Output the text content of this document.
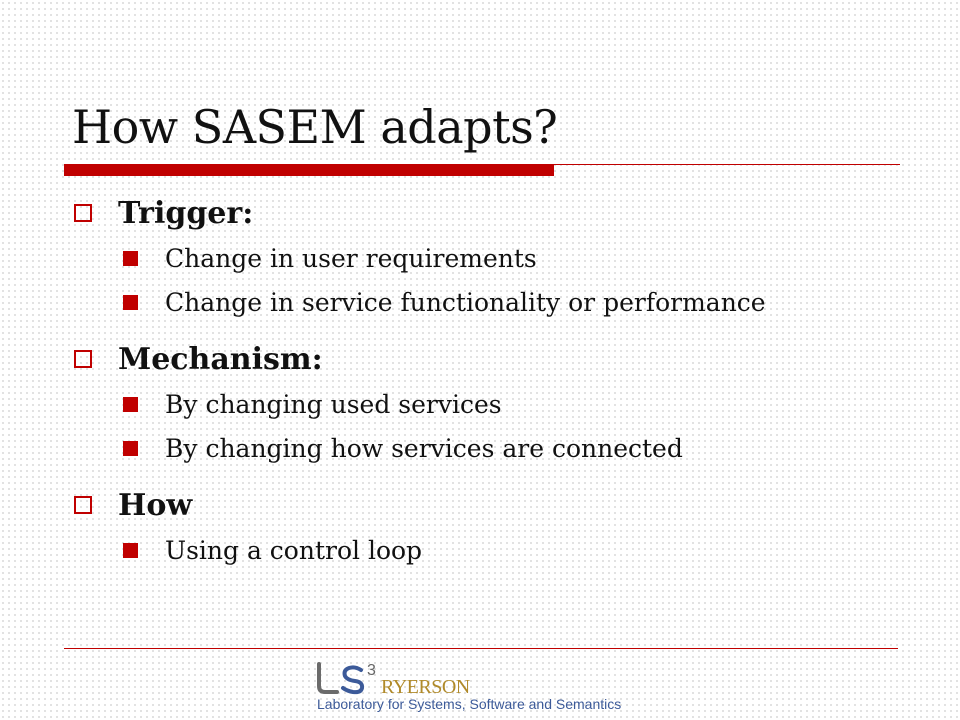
How SASEM adapts?
Trigger:
Change in user requirements
Change in service functionality or performance
Mechanism:
By changing used services
By changing how services are connected
How
Using a control loop
3
RYERSON
Laboratory for Systems, Software and Semantics
